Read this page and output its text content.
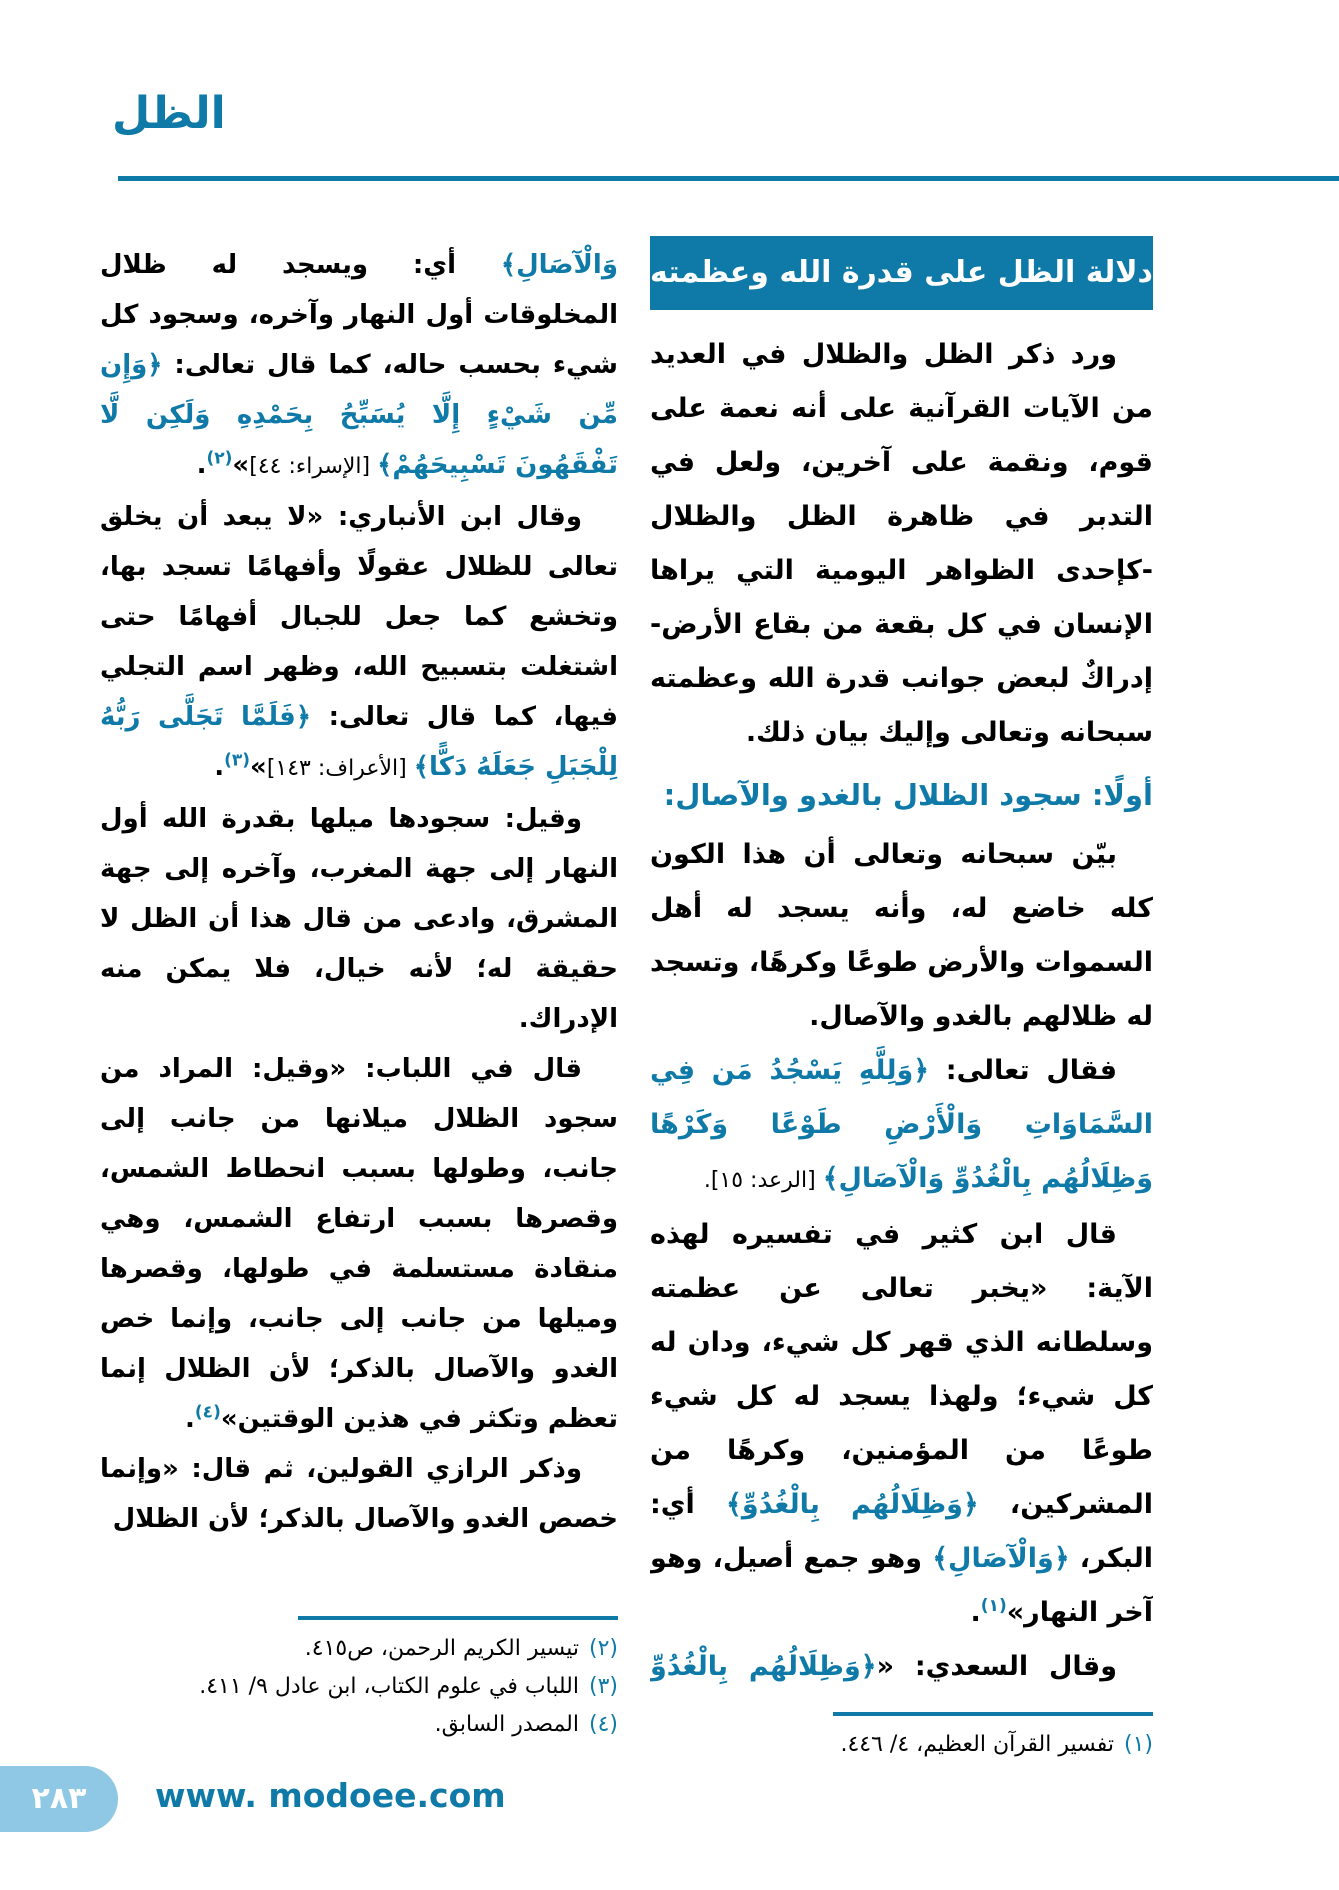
الظل
دلالة الظل على قدرة الله وعظمته

ورد ذكر الظل والظلال في العديد من الآيات القرآنية على أنه نعمة على قوم، ونقمة على آخرين، ولعل في التدبر في ظاهرة الظل والظلال -كإحدى الظواهر اليومية التي يراها الإنسان في كل بقعة من بقاع الأرض- إدراكٌ لبعض جوانب قدرة الله وعظمته سبحانه وتعالى وإليك بيان ذلك.

أولًا: سجود الظلال بالغدو والآصال:

بيّن سبحانه وتعالى أن هذا الكون كله خاضع له، وأنه يسجد له أهل السموات والأرض طوعًا وكرهًا، وتسجد له ظلالهم بالغدو والآصال.

فقال تعالى: ﴿وَلِلَّهِ يَسْجُدُ مَن فِي السَّمَاوَاتِ وَالْأَرْضِ طَوْعًا وَكَرْهًا وَظِلَالُهُم بِالْغُدُوِّ وَالْآصَالِ﴾ [الرعد: ١٥].

قال ابن كثير في تفسيره لهذه الآية: «يخبر تعالى عن عظمته وسلطانه الذي قهر كل شيء، ودان له كل شيء؛ ولهذا يسجد له كل شيء طوعًا من المؤمنين، وكرهًا من المشركين، ﴿وَظِلَالُهُم بِالْغُدُوِّ﴾ أي: البكر، ﴿وَالْآصَالِ﴾ وهو جمع أصيل، وهو آخر النهار»$^{(١)}$.

وقال السعدي: «﴿وَظِلَالُهُم بِالْغُدُوِّ

وَالْآصَالِ﴾ أي: ويسجد له ظلال المخلوقات أول النهار وآخره، وسجود كل شيء بحسب حاله، كما قال تعالى: ﴿وَإِن مِّن شَيْءٍ إِلَّا يُسَبِّحُ بِحَمْدِهِ وَلَكِن لَّا تَفْقَهُونَ تَسْبِيحَهُمْ﴾ [الإسراء: ٤٤]»$^{(٢)}$.

وقال ابن الأنباري: «لا يبعد أن يخلق تعالى للظلال عقولًا وأفهامًا تسجد بها، وتخشع كما جعل للجبال أفهامًا حتى اشتغلت بتسبيح الله، وظهر اسم التجلي فيها، كما قال تعالى: ﴿فَلَمَّا تَجَلَّى رَبُّهُ لِلْجَبَلِ جَعَلَهُ دَكًّا﴾ [الأعراف: ١٤٣]»$^{(٣)}$.

وقيل: سجودها ميلها بقدرة الله أول النهار إلى جهة المغرب، وآخره إلى جهة المشرق، وادعى من قال هذا أن الظل لا حقيقة له؛ لأنه خيال، فلا يمكن منه الإدراك.

قال في اللباب: «وقيل: المراد من سجود الظلال ميلانها من جانب إلى جانب، وطولها بسبب انحطاط الشمس، وقصرها بسبب ارتفاع الشمس، وهي منقادة مستسلمة في طولها، وقصرها وميلها من جانب إلى جانب، وإنما خص الغدو والآصال بالذكر؛ لأن الظلال إنما تعظم وتكثر في هذين الوقتين»$^{(٤)}$.

وذكر الرازي القولين، ثم قال: «وإنما خصص الغدو والآصال بالذكر؛ لأن الظلال

(١)
تفسير القرآن العظيم، ٤/ ٤٤٦.
(٢)
تيسير الكريم الرحمن، ص٤١٥.
(٣)
اللباب في علوم الكتاب، ابن عادل ٩/ ٤١١.
(٤)
المصدر السابق.
٢٨٣	www. modoee.com
